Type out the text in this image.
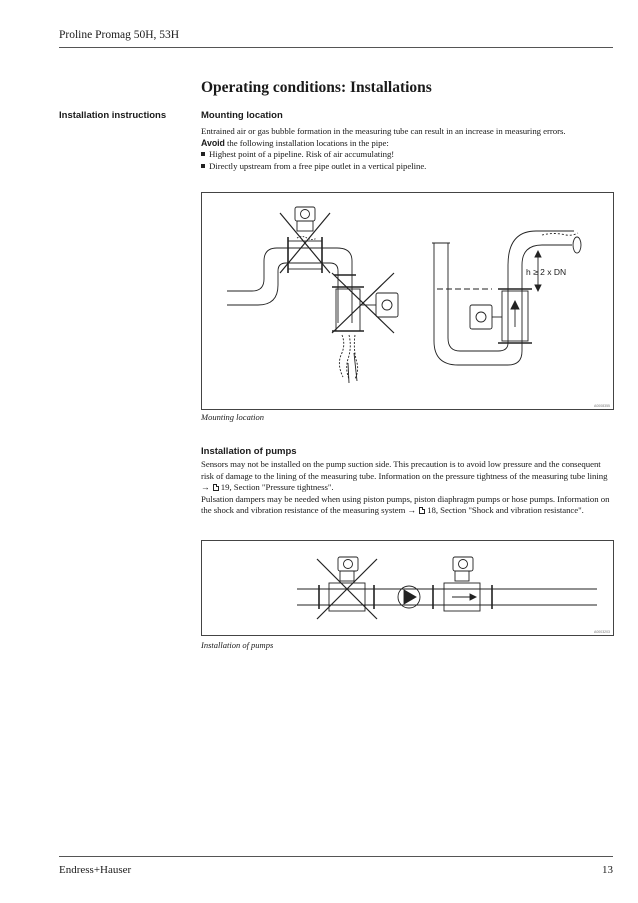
Proline Promag 50H, 53H
Operating conditions: Installations
Installation instructions	Mounting location

Entrained air or gas bubble formation in the measuring tube can result in an increase in measuring errors.

Avoid the following installation locations in the pipe:

Highest point of a pipeline. Risk of air accumulating!
Directly upstream from a free pipe outlet in a vertical pipeline.
h ≥ 2 x DN
A0008355
Mounting location
Installation of pumps

Sensors may not be installed on the pump suction side. This precaution is to avoid low pressure and the consequent risk of damage to the lining of the measuring tube. Information on the pressure tightness of the measuring tube lining → 19, Section "Pressure tightness".

Pulsation dampers may be needed when using piston pumps, piston diaphragm pumps or hose pumps. Information on the shock and vibration resistance of the measuring system → 18, Section "Shock and vibration resistance".

A0003203
Installation of pumps
Endress+Hauser	13
